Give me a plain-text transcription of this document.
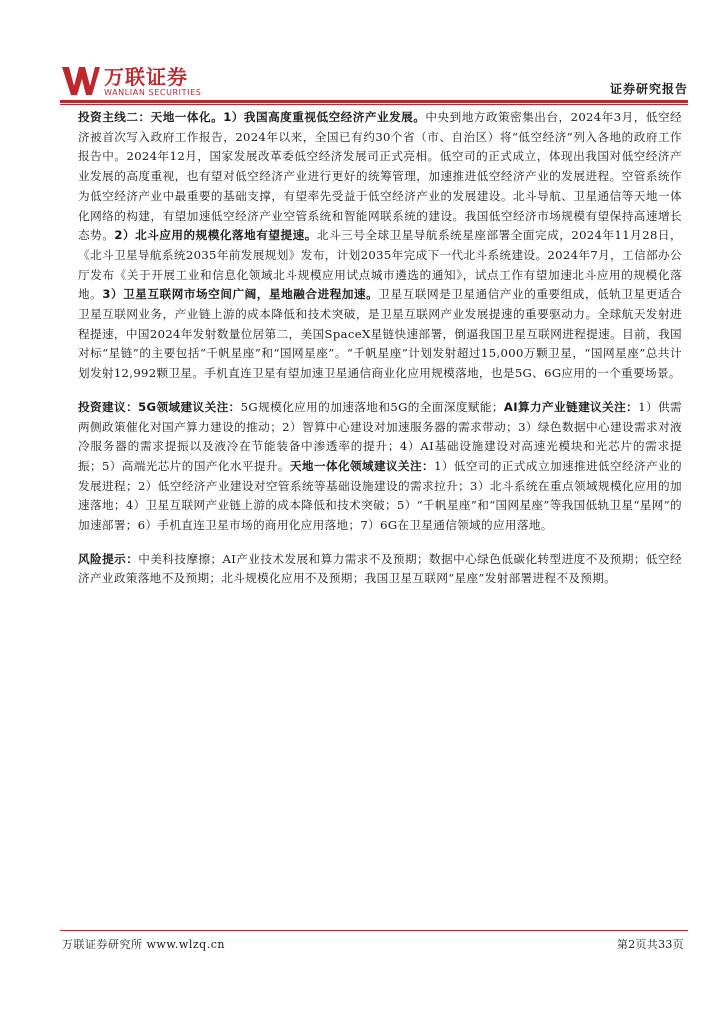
万联证券
WANLIAN SECURITIES	证券研究报告

投资主线二：天地一体化。1）我国高度重视低空经济产业发展。中央到地方政策密集出台，2024年3月，低空经济被首次写入政府工作报告，2024年以来，全国已有约30个省（市、自治区）将“低空经济”列入各地的政府工作报告中。2024年12月，国家发展改革委低空经济发展司正式亮相。低空司的正式成立，体现出我国对低空经济产业发展的高度重视，也有望对低空经济产业进行更好的统筹管理，加速推进低空经济产业的发展进程。空管系统作为低空经济产业中最重要的基础支撑，有望率先受益于低空经济产业的发展建设。北斗导航、卫星通信等天地一体化网络的构建，有望加速低空经济产业空管系统和智能网联系统的建设。我国低空经济市场规模有望保持高速增长态势。2）北斗应用的规模化落地有望提速。北斗三号全球卫星导航系统星座部署全面完成，2024年11月28日，《北斗卫星导航系统2035年前发展规划》发布，计划2035年完成下一代北斗系统建设。2024年7月，工信部办公厅发布《关于开展工业和信息化领域北斗规模应用试点城市遴选的通知》，试点工作有望加速北斗应用的规模化落地。3）卫星互联网市场空间广阔，星地融合进程加速。卫星互联网是卫星通信产业的重要组成，低轨卫星更适合卫星互联网业务，产业链上游的成本降低和技术突破，是卫星互联网产业发展提速的重要驱动力。全球航天发射进程提速，中国2024年发射数量位居第二，美国SpaceX星链快速部署，倒逼我国卫星互联网进程提速。目前，我国对标“星链”的主要包括“千帆星座”和“国网星座”。“千帆星座”计划发射超过15,000万颗卫星，“国网星座”总共计划发射12,992颗卫星。手机直连卫星有望加速卫星通信商业化应用规模落地，也是5G、6G应用的一个重要场景。

投资建议：5G领域建议关注：5G规模化应用的加速落地和5G的全面深度赋能；AI算力产业链建议关注：1）供需两侧政策催化对国产算力建设的推动；2）智算中心建设对加速服务器的需求带动；3）绿色数据中心建设需求对液冷服务器的需求提振以及液冷在节能装备中渗透率的提升；4）AI基础设施建设对高速光模块和光芯片的需求提振；5）高端光芯片的国产化水平提升。天地一体化领域建议关注：1）低空司的正式成立加速推进低空经济产业的发展进程；2）低空经济产业建设对空管系统等基础设施建设的需求拉升；3）北斗系统在重点领域规模化应用的加速落地；4）卫星互联网产业链上游的成本降低和技术突破；5）“千帆星座”和“国网星座”等我国低轨卫星“星网”的加速部署；6）手机直连卫星市场的商用化应用落地；7）6G在卫星通信领域的应用落地。

风险提示：中美科技摩擦；AI产业技术发展和算力需求不及预期；数据中心绿色低碳化转型进度不及预期；低空经济产业政策落地不及预期；北斗规模化应用不及预期；我国卫星互联网“星座”发射部署进程不及预期。

万联证券研究所 www.wlzq.cn	第2页共33页
